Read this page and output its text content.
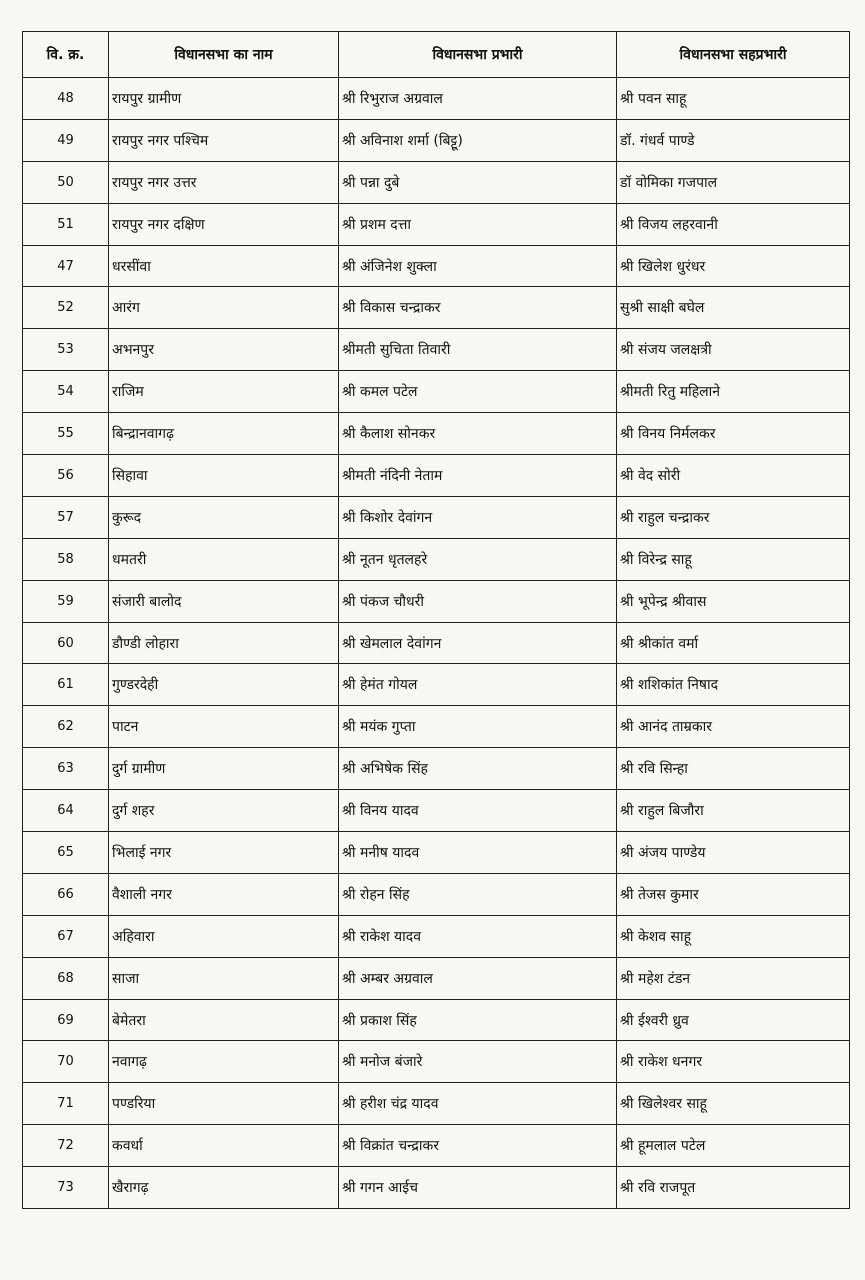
वि. क्र.	विधानसभा का नाम	विधानसभा प्रभारी	विधानसभा सहप्रभारी
48	रायपुर ग्रामीण	श्री रिभुराज अग्रवाल	श्री पवन साहू
49	रायपुर नगर पश्चिम	श्री अविनाश शर्मा (बिट्टू)	डॉ. गंधर्व पाण्डे
50	रायपुर नगर उत्तर	श्री पन्ना दुबे	डॉ वोमिका गजपाल
51	रायपुर नगर दक्षिण	श्री प्रशम दत्ता	श्री विजय लहरवानी
47	धरसींवा	श्री अंजिनेश शुक्ला	श्री खिलेश धुरंधर
52	आरंग	श्री विकास चन्द्राकर	सुश्री साक्षी बघेल
53	अभनपुर	श्रीमती सुचिता तिवारी	श्री संजय जलक्षत्री
54	राजिम	श्री कमल पटेल	श्रीमती रितु महिलाने
55	बिन्द्रानवागढ़	श्री कैलाश सोनकर	श्री विनय निर्मलकर
56	सिहावा	श्रीमती नंदिनी नेताम	श्री वेद सोरी
57	कुरूद	श्री किशोर देवांगन	श्री राहुल चन्द्राकर
58	धमतरी	श्री नूतन धृतलहरे	श्री विरेन्द्र साहू
59	संजारी बालोद	श्री पंकज चौधरी	श्री भूपेन्द्र श्रीवास
60	डौण्डी लोहारा	श्री खेमलाल देवांगन	श्री श्रीकांत वर्मा
61	गुण्डरदेही	श्री हेमंत गोयल	श्री शशिकांत निषाद
62	पाटन	श्री मयंक गुप्ता	श्री आनंद ताम्रकार
63	दुर्ग ग्रामीण	श्री अभिषेक सिंह	श्री रवि सिन्हा
64	दुर्ग शहर	श्री विनय यादव	श्री राहुल बिजौरा
65	भिलाई नगर	श्री मनीष यादव	श्री अंजय पाण्डेय
66	वैशाली नगर	श्री रोहन सिंह	श्री तेजस कुमार
67	अहिवारा	श्री राकेश यादव	श्री केशव साहू
68	साजा	श्री अम्बर अग्रवाल	श्री महेश टंडन
69	बेमेतरा	श्री प्रकाश सिंह	श्री ईश्वरी ध्रुव
70	नवागढ़	श्री मनोज बंजारे	श्री राकेश धनगर
71	पण्डरिया	श्री हरीश चंद्र यादव	श्री खिलेश्वर साहू
72	कवर्धा	श्री विक्रांत चन्द्राकर	श्री हूमलाल पटेल
73	खैरागढ़	श्री गगन आईच	श्री रवि राजपूत
